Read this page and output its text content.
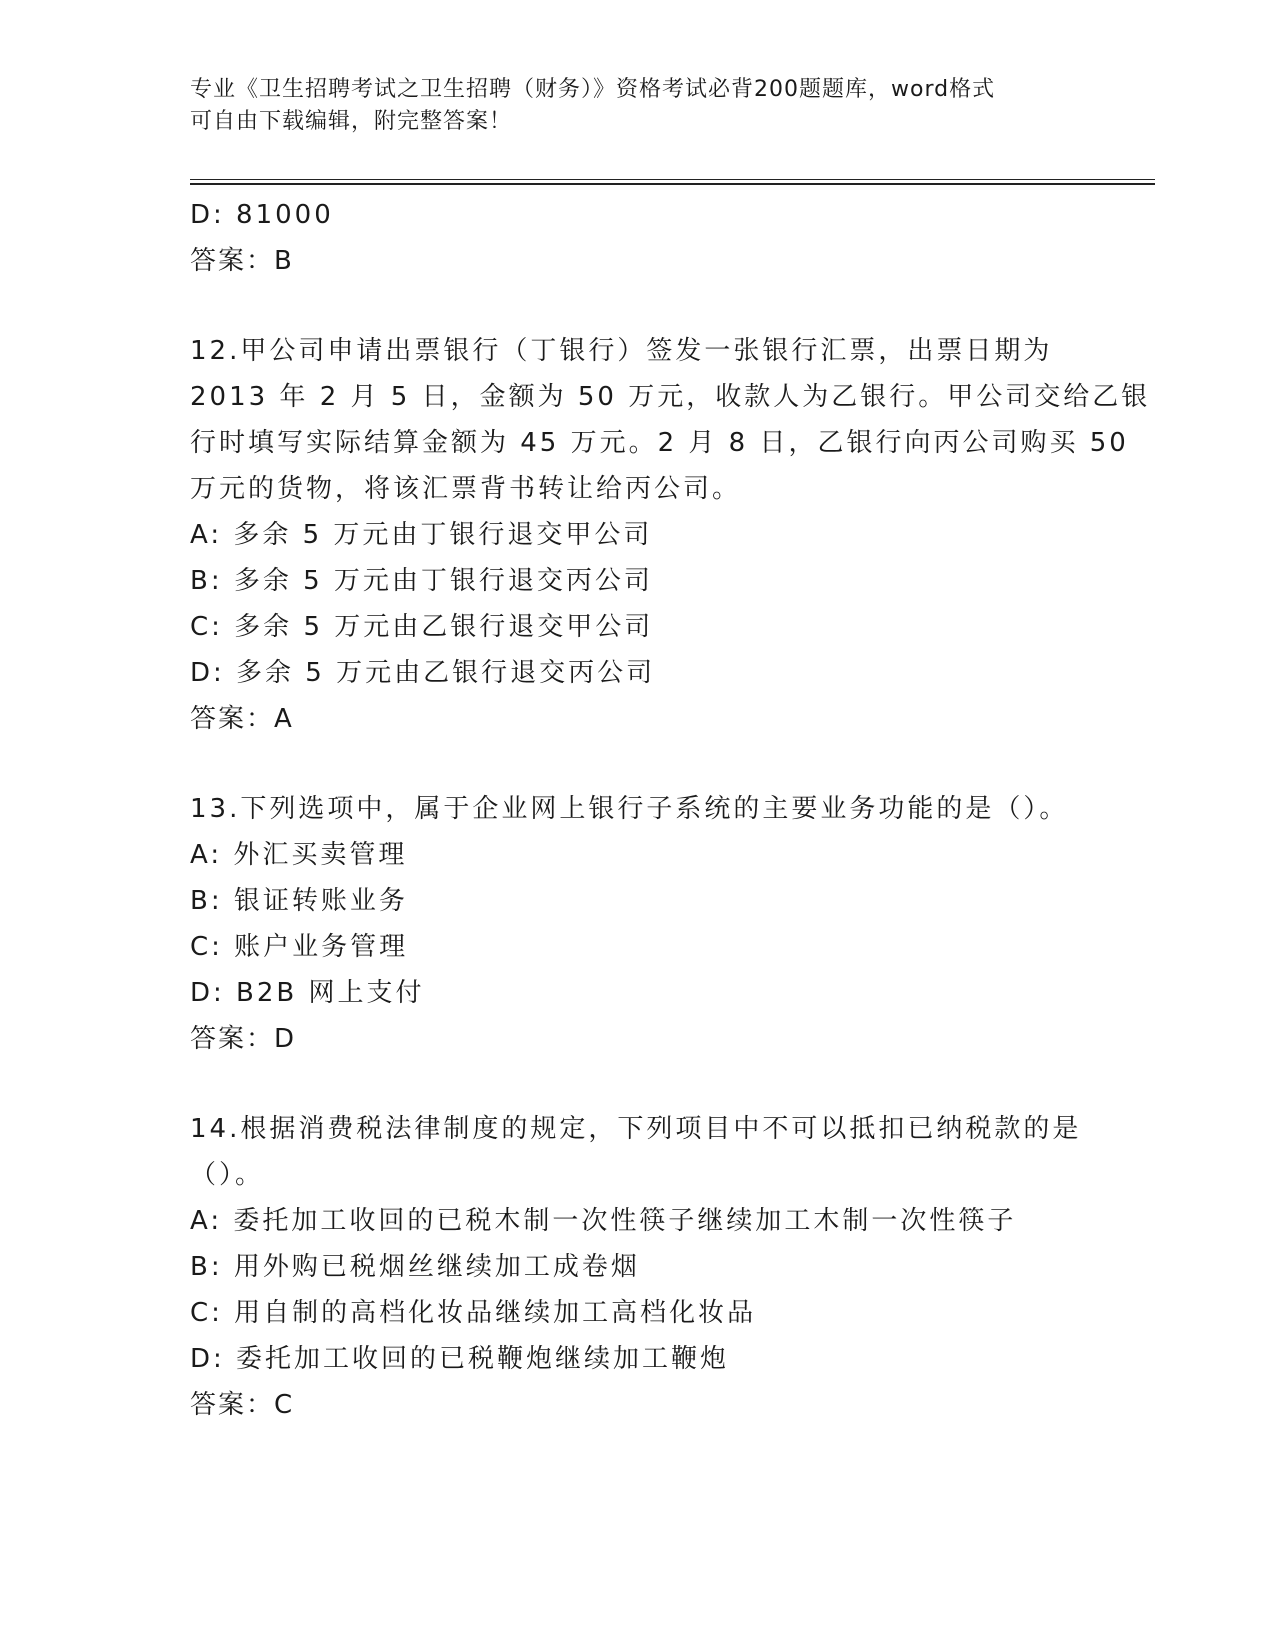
专业《卫生招聘考试之卫生招聘（财务）》资格考试必背200题题库，word格式
可自由下载编辑，附完整答案！
D: 81000
答案：B
12.甲公司申请出票银行（丁银行）签发一张银行汇票，出票日期为
2013 年 2 月 5 日，金额为 50 万元，收款人为乙银行。甲公司交给乙银
行时填写实际结算金额为 45 万元。2 月 8 日，乙银行向丙公司购买 50
万元的货物，将该汇票背书转让给丙公司。
A: 多余 5 万元由丁银行退交甲公司
B: 多余 5 万元由丁银行退交丙公司
C: 多余 5 万元由乙银行退交甲公司
D: 多余 5 万元由乙银行退交丙公司
答案：A
13.下列选项中，属于企业网上银行子系统的主要业务功能的是（）。
A: 外汇买卖管理
B: 银证转账业务
C: 账户业务管理
D: B2B 网上支付
答案：D
14.根据消费税法律制度的规定，下列项目中不可以抵扣已纳税款的是
（）。
A: 委托加工收回的已税木制一次性筷子继续加工木制一次性筷子
B: 用外购已税烟丝继续加工成卷烟
C: 用自制的高档化妆品继续加工高档化妆品
D: 委托加工收回的已税鞭炮继续加工鞭炮
答案：C
